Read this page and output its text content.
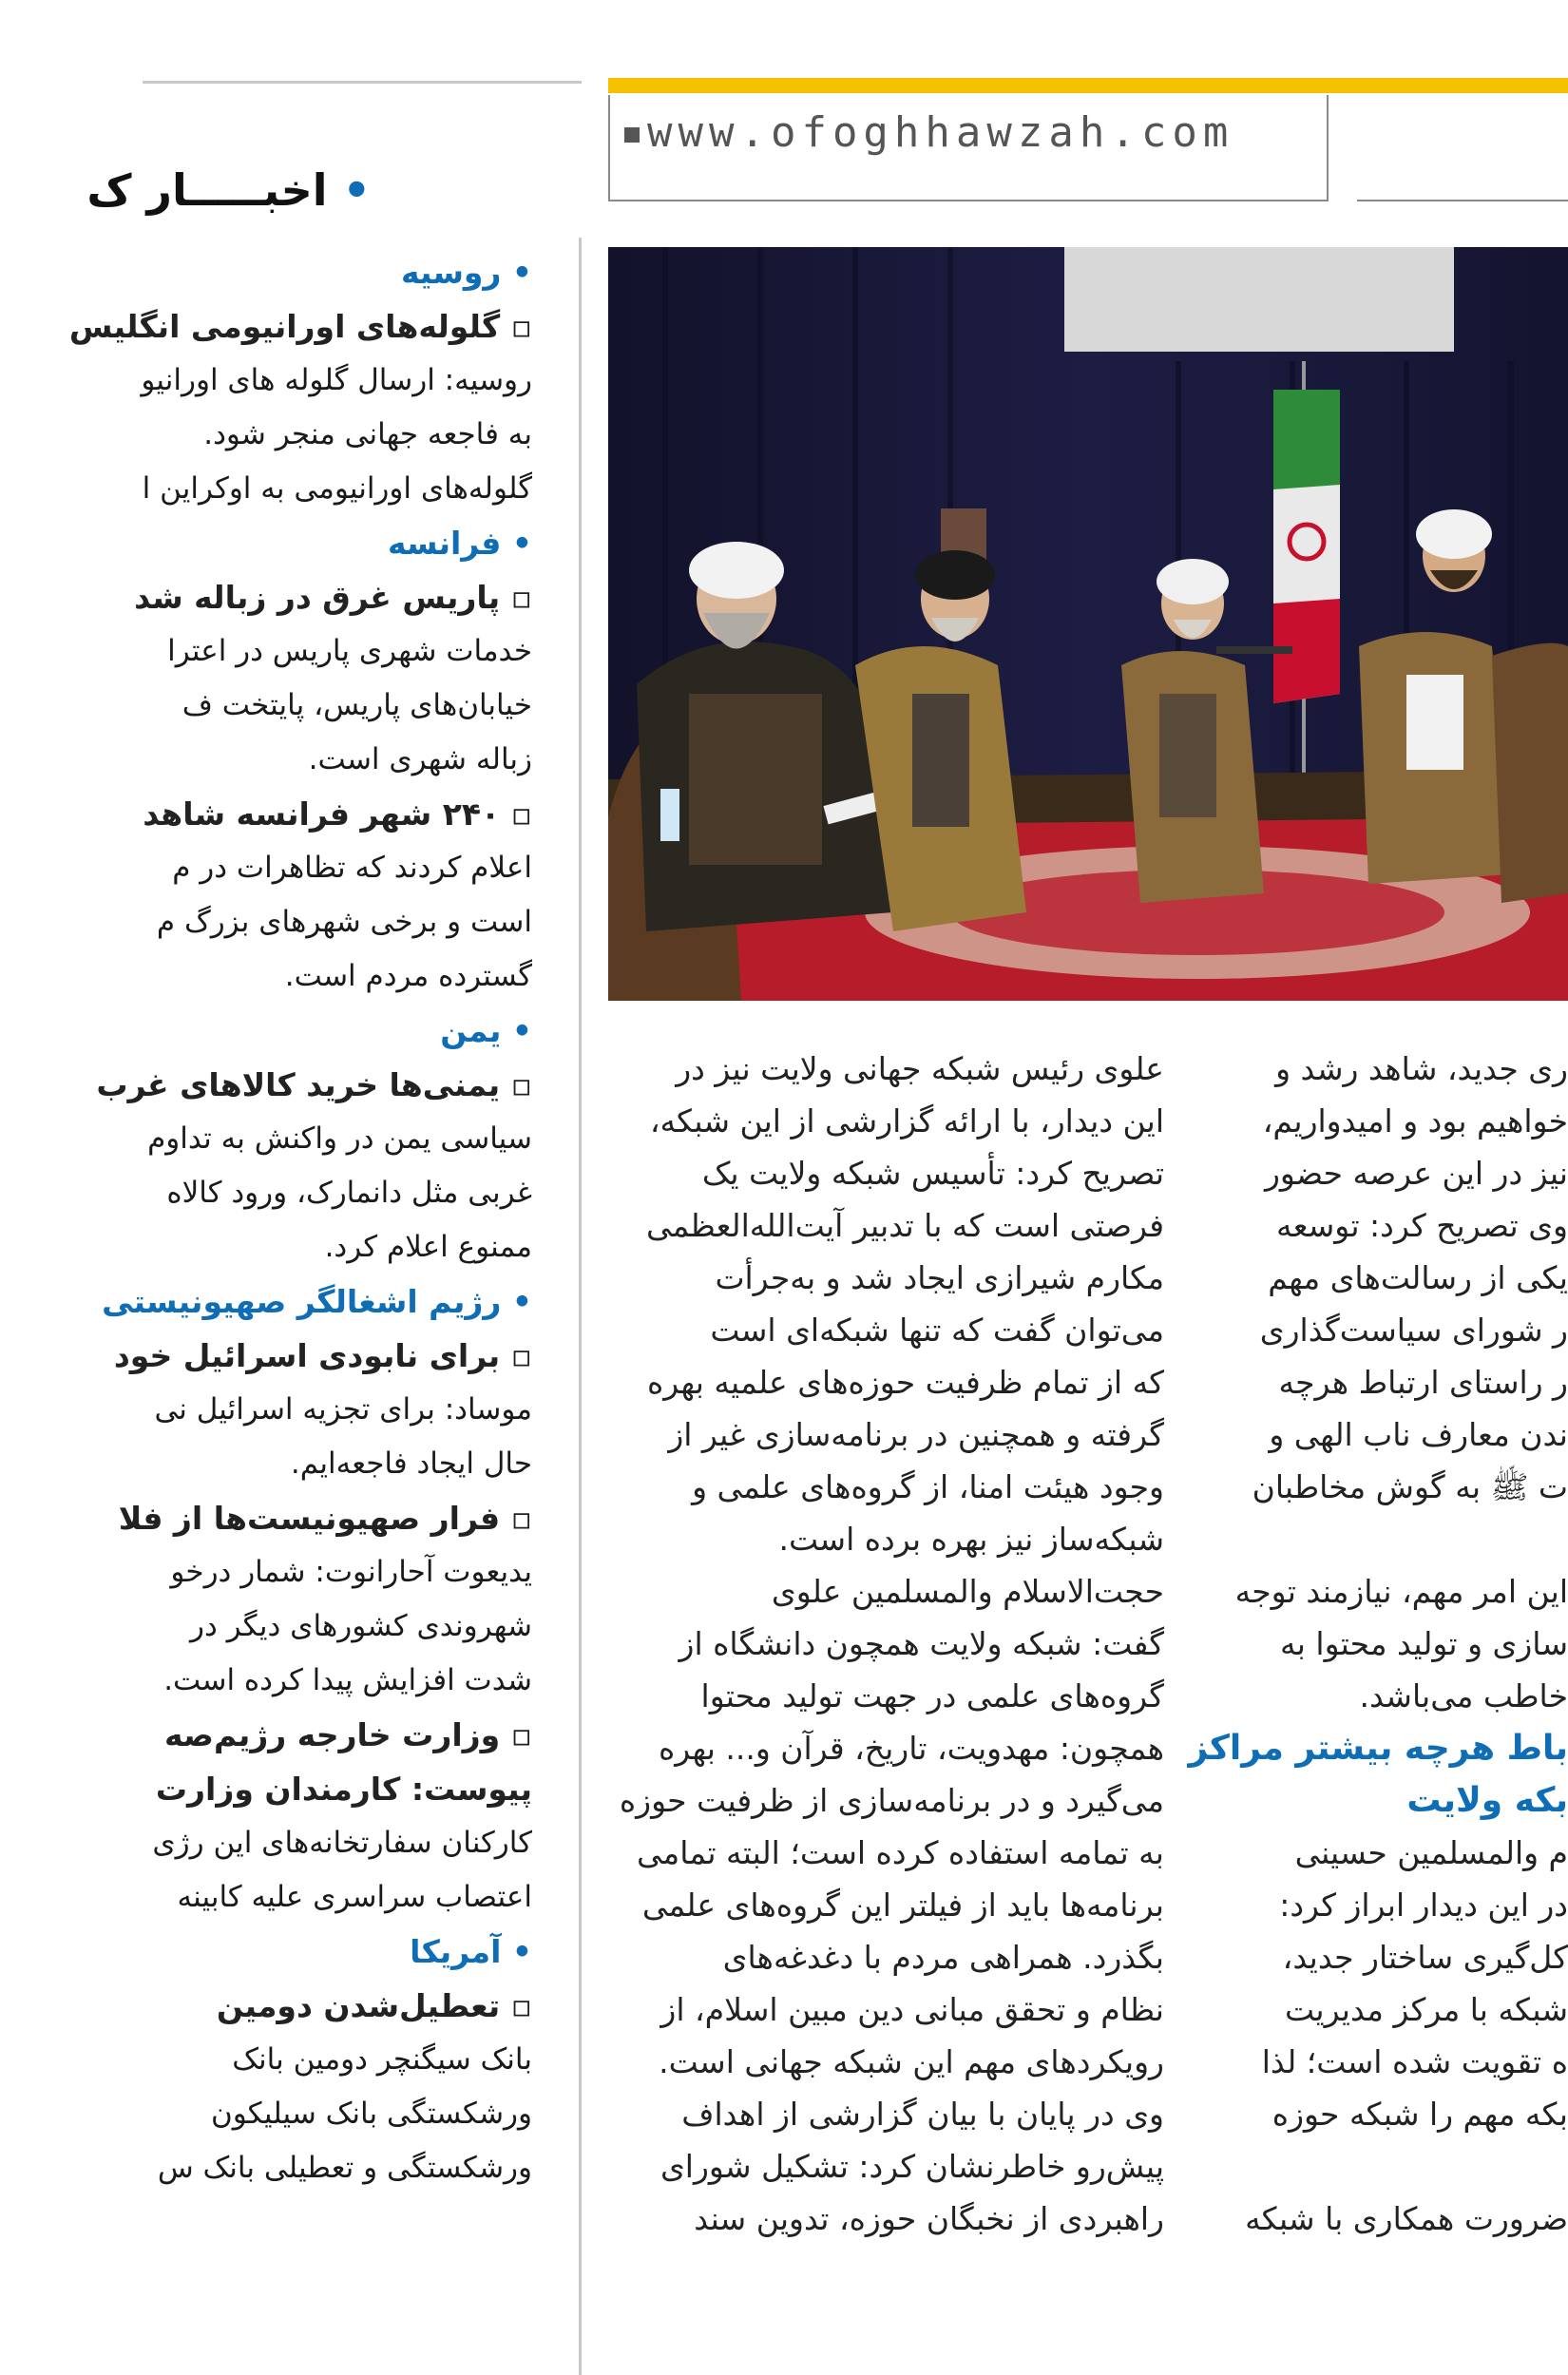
• اخبـــــار ک
• روسیه
▫ گلوله‌های اورانیومی انگلیس
روسیه: ارسال گلوله های اورانیو
به فاجعه جهانی منجر شود.
گلوله‌های اورانیومی به اوکراین ا
• فرانسه
▫ پاریس غرق در زباله شد
خدمات شهری پاریس در اعترا
خیابان‌های پاریس، پایتخت ف
زباله شهری است.
▫ ۲۴۰ شهر فرانسه شاهد
اعلام کردند که تظاهرات در م
است و برخی شهرهای بزرگ م
گسترده مردم است.
• یمن
▫ یمنی‌ها خرید کالاهای غرب
سیاسی یمن در واکنش به تداوم
غربی مثل دانمارک، ورود کالاه
ممنوع اعلام کرد.
• رژیم اشغالگر صهیونیستی
▫ برای نابودی اسرائیل خود
موساد: برای تجزیه اسرائیل نی
حال ایجاد فاجعه‌ایم.
▫ فرار صهیونیست‌ها از فلا
یدیعوت آحارانوت: شمار درخو
شهروندی کشورهای دیگر در
شدت افزایش پیدا کرده است.
▫ وزارت خارجه رژیم‌صه
پیوست: کارمندان وزارت
کارکنان سفارتخانه‌های این رژی
اعتصاب سراسری علیه کابینه
• آمریکا
▫ تعطیل‌شدن دومین
بانک سیگنچر دومین بانک
ورشکستگی بانک سیلیکون
ورشکستگی و تعطیلی بانک س
www.ofoghhawzah.com
علوی رئیس شبکه جهانی ولایت نیز در
این دیدار، با ارائه گزارشی از این شبکه،
تصریح کرد: تأسیس شبکه ولایت یک
فرصتی است که با تدبیر آیت‌الله‌العظمی
مکارم شیرازی ایجاد شد و به‌جرأت
می‌توان گفت که تنها شبکه‌ای است
که از تمام ظرفیت حوزه‌های علمیه بهره
گرفته و همچنین در برنامه‌سازی غیر از
وجود هیئت امنا، از گروه‌های علمی و
شبکه‌ساز نیز بهره برده است.
حجت‌الاسلام والمسلمین علوی
گفت: شبکه ولایت همچون دانشگاه از
گروه‌های علمی در جهت تولید محتوا
همچون: مهدویت، تاریخ، قرآن و... بهره
می‌گیرد و در برنامه‌سازی از ظرفیت حوزه
به تمامه استفاده کرده است؛ البته تمامی
برنامه‌ها باید از فیلتر این گروه‌های علمی
بگذرد. همراهی مردم با دغدغه‌های
نظام و تحقق مبانی دین مبین اسلام، از
رویکردهای مهم این شبکه جهانی است.
وی در پایان با بیان گزارشی از اهداف
پیش‌رو خاطرنشان کرد: تشکیل شورای
راهبردی از نخبگان حوزه، تدوین سند
ری جدید، شاهد رشد و
خواهیم بود و امیدواریم،
نیز در این عرصه حضور
وی تصریح کرد: توسعه
یکی از رسالت‌های مهم
ر شورای سیاست‌گذاری
ر راستای ارتباط هرچه
ندن معارف ناب الهی و
ت ﷺ به گوش مخاطبان
این امر مهم، نیازمند توجه
سازی و تولید محتوا به
خاطب می‌باشد.
باط هرچه بیشتر مراکز
بکه ولایت
م والمسلمین حسینی
در این دیدار ابراز کرد:
کل‌گیری ساختار جدید،
شبکه با مرکز مدیریت
ه تقویت شده است؛ لذا
بکه مهم را شبکه حوزه
ضرورت همکاری با شبکه
